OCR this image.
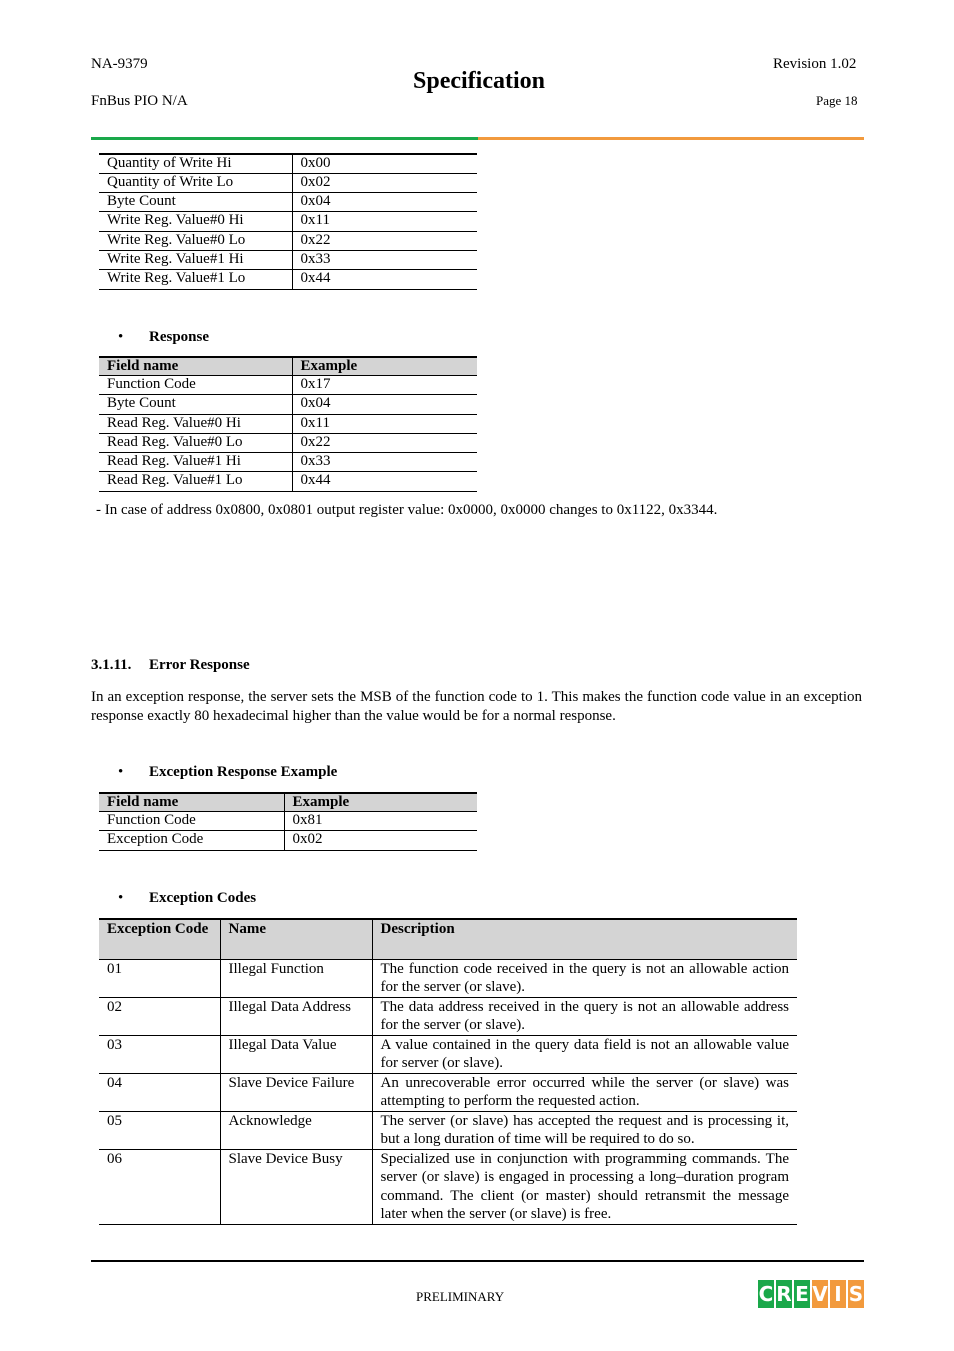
NA-9379
FnBus PIO N/A
Specification
Revision 1.02
Page 18
Quantity of Write Hi	0x00
Quantity of Write Lo	0x02
Byte Count	0x04
Write Reg. Value#0 Hi	0x11
Write Reg. Value#0 Lo	0x22
Write Reg. Value#1 Hi	0x33
Write Reg. Value#1 Lo	0x44
• Response
Field name	Example
Function Code	0x17
Byte Count	0x04
Read Reg. Value#0 Hi	0x11
Read Reg. Value#0 Lo	0x22
Read Reg. Value#1 Hi	0x33
Read Reg. Value#1 Lo	0x44
- In case of address 0x0800, 0x0801 output register value: 0x0000, 0x0000 changes to 0x1122, 0x3344.
3.1.11. Error Response
In an exception response, the server sets the MSB of the function code to 1. This makes the function code value in an exception response exactly 80 hexadecimal higher than the value would be for a normal response.
• Exception Response Example
Field name	Example
Function Code	0x81
Exception Code	0x02
• Exception Codes
Exception Code	Name	Description
01	Illegal Function	The function code received in the query is not an allowable action for the server (or slave).
02	Illegal Data Address	The data address received in the query is not an allowable address for the server (or slave).
03	Illegal Data Value	A value contained in the query data field is not an allowable value for server (or slave).
04	Slave Device Failure	An unrecoverable error occurred while the server (or slave) was attempting to perform the requested action.
05	Acknowledge	The server (or slave) has accepted the request and is processing it, but a long duration of time will be required to do so.
06	Slave Device Busy	Specialized use in conjunction with programming commands. The server (or slave) is engaged in processing a long–duration program command. The client (or master) should retransmit the message later when the server (or slave) is free.
PRELIMINARY	C R E V I S
